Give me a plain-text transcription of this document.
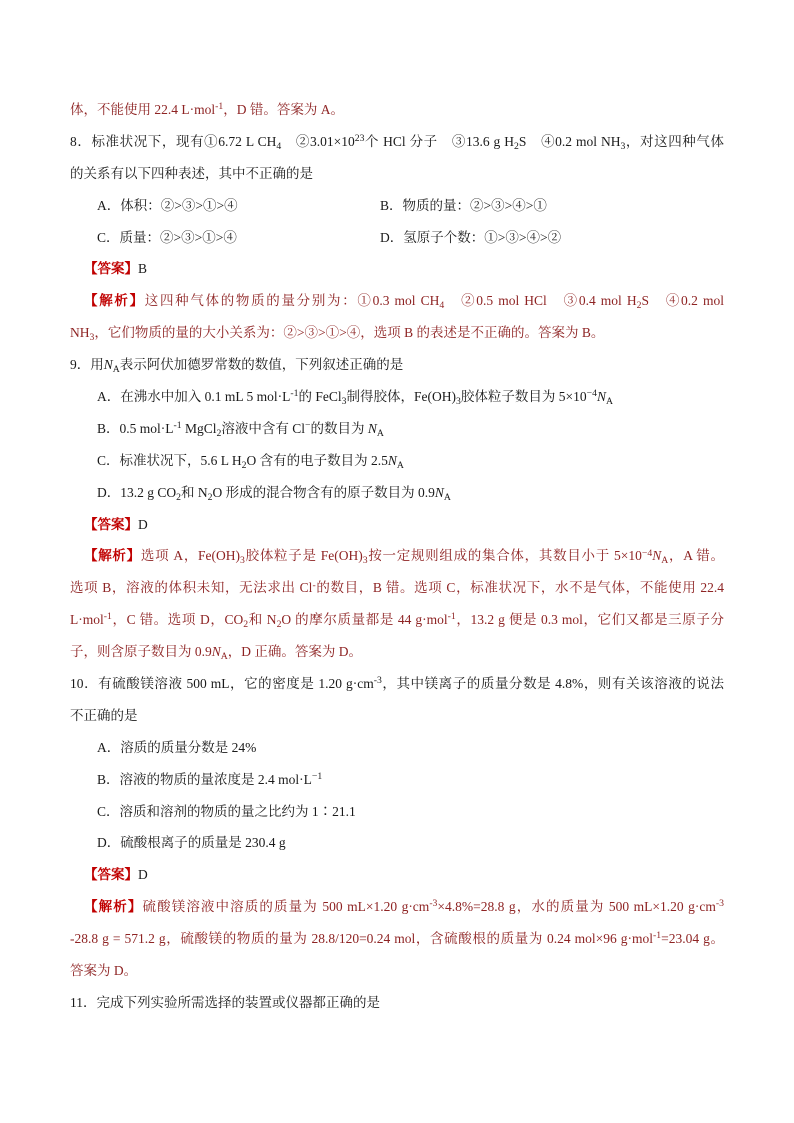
体，不能使用 22.4 L·mol$^{-1}$，D 错。答案为 A。
8．标准状况下，现有①6.72 L $CH_4$　$②3.01\times 10^{23}$个 HCl 分子　③13.6 g $H_2S$　④0.2 mol $NH_3$，对这四种气体
的关系有以下四种表述，其中不正确的是
A．体积：②>③>①>④	B．物质的量：②>③>④>①
C．质量：②>③>①>④	D．氢原子个数：①>③>④>②
【答案】B
【解析】这四种气体的物质的量分别为：①0.3 mol $CH_4$　②0.5 mol HCl　③0.4 mol $H_2S$　④0.2 mol
$NH_3$，它们物质的量的大小关系为：②>③>①>④，选项 B 的表述是不正确的。答案为 B。
9．用$N_A$表示阿伏加德罗常数的数值，下列叙述正确的是
A．在沸水中加入 0.1 mL 5 $mol\cdot L^{-1}$的 FeCl$_3$制得胶体，$Fe(OH)_3$胶体粒子数目为 $5\times 10^{-4}N_A$
B．0.5 $mol\cdot L^{-1}$ MgCl$_2$溶液中含有 Cl−的数目为 $N_A$
C．标准状况下，5.6 L $H_2O$ 含有的电子数目为 $2.5N_A$
D．13.2 g $CO_2$和 $N_2O$ 形成的混合物含有的原子数目为 $0.9N_A$
【答案】D
【解析】选项 A，$Fe(OH)_3$胶体粒子是 $Fe(OH)_3$按一定规则组成的集合体，其数目小于 $5\times 10^{-4}N_A$，A 错。
选项 B，溶液的体积未知，无法求出 Cl-的数目，B 错。选项 C，标准状况下，水不是气体，不能使用 22.4
L·mol$^{-1}$，C 错。选项 D，$CO_2$和 $N_2O$ 的摩尔质量都是 44 g·mol$^{-1}$，13.2 g 便是 0.3 mol，它们又都是三原子分
子，则含原子数目为 $0.9N_A$，D 正确。答案为 D。
10．有硫酸镁溶液 500 mL，它的密度是 1.20 $g\cdot cm^{-3}$，其中镁离子的质量分数是 4.8%，则有关该溶液的说法
不正确的是
A．溶质的质量分数是 24%
B．溶液的物质的量浓度是 2.4 $mol\cdot L^{-1}$
C．溶质和溶剂的物质的量之比约为 1∶21.1
D．硫酸根离子的质量是 230.4 g
【答案】D
【解析】硫酸镁溶液中溶质的质量为 500 mL×1.20 $g\cdot cm^{-3}\times 4.8\%=28.8$ g，水的质量为 500 mL×1.20 $g\cdot cm^{-3}$
-28.8 g = 571.2 g，硫酸镁的物质的量为 28.8/120=0.24 mol，含硫酸根的质量为 0.24 mol×96 g·mol$^{-1}$=23.04 g。
答案为 D。
11．完成下列实验所需选择的装置或仪器都正确的是
